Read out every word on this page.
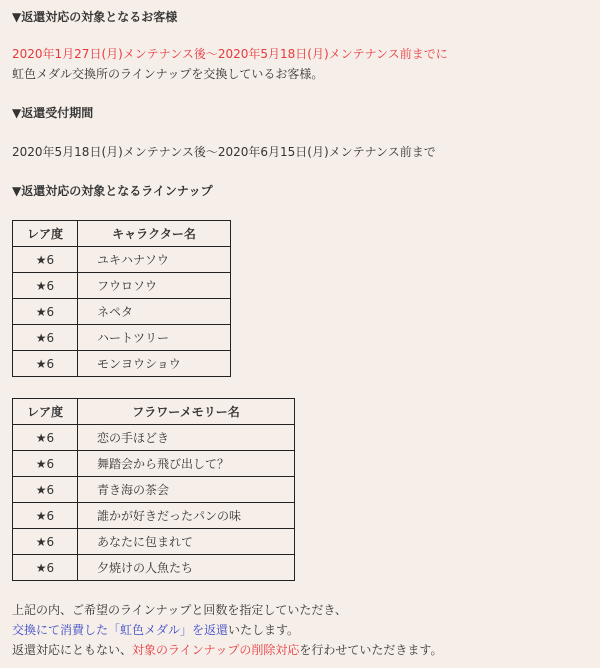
▼返還対応の対象となるお客様
2020年1月27日(月)メンテナンス後～2020年5月18日(月)メンテナンス前までに
虹色メダル交換所のラインナップを交換しているお客様。
▼返還受付期間
2020年5月18日(月)メンテナンス後～2020年6月15日(月)メンテナンス前まで
▼返還対応の対象となるラインナップ
レア度	キャラクター名
★6	ユキハナソウ
★6	フウロソウ
★6	ネペタ
★6	ハートツリー
★6	モンヨウショウ
レア度	フラワーメモリー名
★6	恋の手ほどき
★6	舞踏会から飛び出して？
★6	青き海の茶会
★6	誰かが好きだったパンの味
★6	あなたに包まれて
★6	夕焼けの人魚たち
上記の内、ご希望のラインナップと回数を指定していただき、
交換にて消費した「虹色メダル」を返還いたします。
返還対応にともない、対象のラインナップの削除対応を行わせていただきます。
